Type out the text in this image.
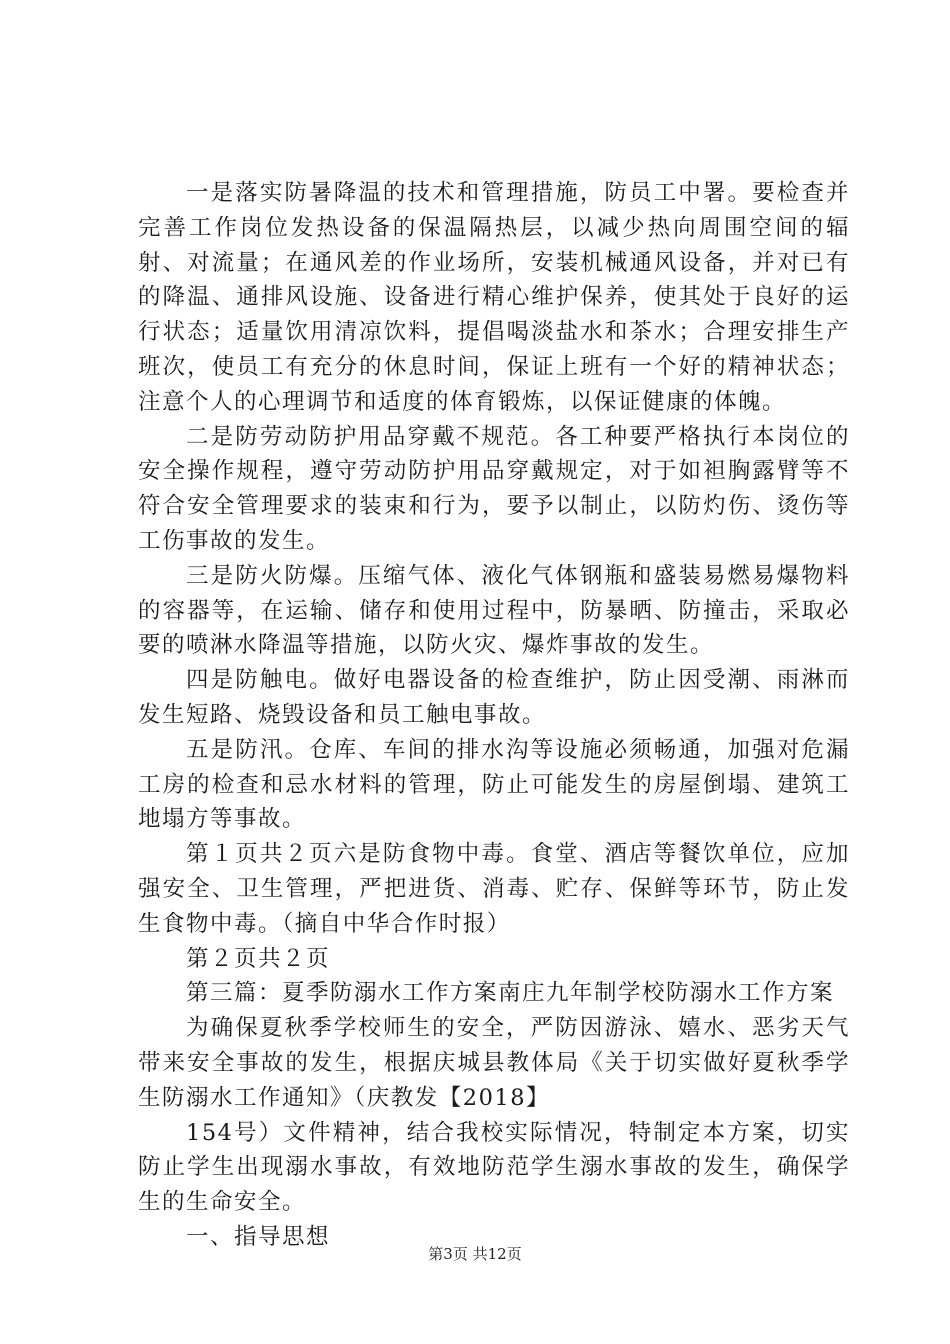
一是落实防暑降温的技术和管理措施，防员工中署。要检查并完善工作岗位发热设备的保温隔热层，以减少热向周围空间的辐射、对流量；在通风差的作业场所，安装机械通风设备，并对已有的降温、通排风设施、设备进行精心维护保养，使其处于良好的运行状态；适量饮用清凉饮料，提倡喝淡盐水和茶水；合理安排生产班次，使员工有充分的休息时间，保证上班有一个好的精神状态；注意个人的心理调节和适度的体育锻炼，以保证健康的体魄。

二是防劳动防护用品穿戴不规范。各工种要严格执行本岗位的安全操作规程，遵守劳动防护用品穿戴规定，对于如袒胸露臂等不符合安全管理要求的装束和行为，要予以制止，以防灼伤、烫伤等工伤事故的发生。

三是防火防爆。压缩气体、液化气体钢瓶和盛装易燃易爆物料的容器等，在运输、储存和使用过程中，防暴晒、防撞击，采取必要的喷淋水降温等措施，以防火灾、爆炸事故的发生。

四是防触电。做好电器设备的检查维护，防止因受潮、雨淋而发生短路、烧毁设备和员工触电事故。

五是防汛。仓库、车间的排水沟等设施必须畅通，加强对危漏工房的检查和忌水材料的管理，防止可能发生的房屋倒塌、建筑工地塌方等事故。

第１页共２页六是防食物中毒。食堂、酒店等餐饮单位，应加强安全、卫生管理，严把进货、消毒、贮存、保鲜等环节，防止发生食物中毒。（摘自中华合作时报）

第２页共２页

第三篇：夏季防溺水工作方案南庄九年制学校防溺水工作方案

为确保夏秋季学校师生的安全，严防因游泳、嬉水、恶劣天气带来安全事故的发生，根据庆城县教体局《关于切实做好夏秋季学生防溺水工作通知》（庆教发【2018】

154号）文件精神，结合我校实际情况，特制定本方案，切实防止学生出现溺水事故，有效地防范学生溺水事故的发生，确保学生的生命安全。

一、指导思想

第3页 共12页
